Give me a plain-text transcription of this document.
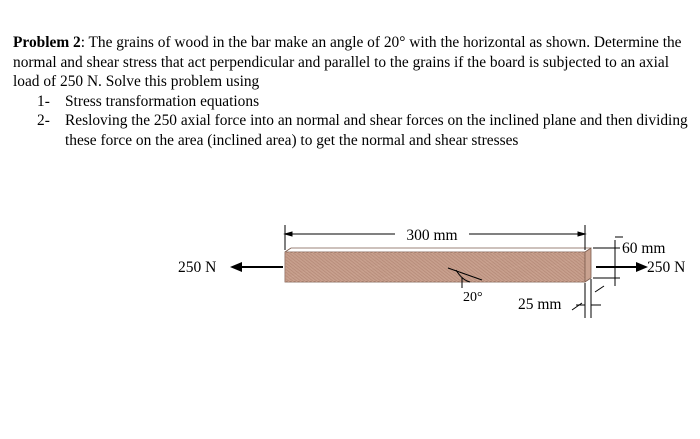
Problem 2: The grains of wood in the bar make an angle of 20° with the horizontal as shown. Determine the normal and shear stress that act perpendicular and parallel to the grains if the board is subjected to an axial load of 250 N. Solve this problem using

1- Stress transformation equations
2- Resloving the 250 axial force into an normal and shear forces on the inclined plane and then dividing these force on the area (inclined area) to get the normal and shear stresses
300 mm
60 mm
250 N
250 N
20° 25 mm
